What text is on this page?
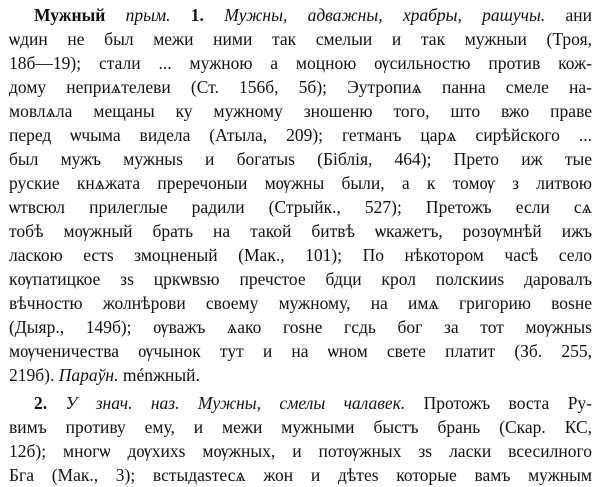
Мужный прым. 1. Мужны, адважны, храбры, рашучы. ани
ѡдин не был межи ними так смелыи и так мужныи (Троя,
18б—19); стали ... мужною а моцною ѹсильностю против кож-
дому неприѧтелеви (Ст. 156б, 5б); Эутропиѧ панна смеле на-
мовлѧла мещаны ку мужному зношеню того, што вжо праве
перед ѡчыма видела (Атыла, 209); гетманъ царѧ сирѣйского ...
был мужъ мужныѕ и богатыѕ (Біблія, 464); Прето иж тые
руские кнѧжата преречоныи мѹжны были, а к томѹ з литвою
ѡтвсюл прилеглые радили (Стрыйк., 527); Претожъ если сѧ
тобѣ мѹжный брать на такой битвѣ ѡкажетъ, розѹмнѣй ижъ
ласкою естѕ змоцненый (Мак., 101); По нѣкотором часѣ село
кѹпатицкое зѕ цркѡвѕю пречстое бдци крол полскииѕ даровалъ
вѣчностю жолнѣрови своему мужному, на имѧ григорию воѕне
(Дыяр., 149б); ѹважъ ѧако гоѕне гсдь бог за тот мѹжныѕ
мѹченичества ѹчынок тут и на ѡном свете платит (Зб. 255,
219б). Параўн. ménжный.
2. У знач. наз. Мужны, смелы чалавек. Протожъ воста Ру-
вимъ противу ему, и межи мужными быстъ брань (Скар. КС,
12б); многѡ дѹхиxѕ мѹжных, и потѹжных зѕ ласки всесилного
Бга (Мак., 3); встыдаѕтесѧ жон и дѣтеѕ которые вамъ мужным
